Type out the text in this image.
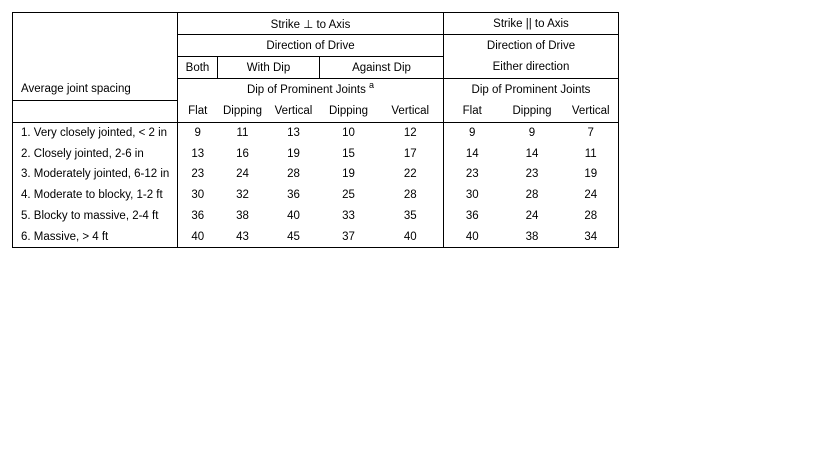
Average joint spacing	Strike ⊥ to Axis					Strike || to Axis		
	Direction of Drive					Direction of Drive		
	Both	With Dip		Against Dip		Either direction		
	Dip of Prominent Joints $^a$					Dip of Prominent Joints		
	Flat	Dipping	Vertical	Dipping	Vertical	Flat	Dipping	Vertical
1. Very closely jointed, < 2 in	9	11	13	10	12	9	9	7
2. Closely jointed, 2-6 in	13	16	19	15	17	14	14	11
3. Moderately jointed, 6-12 in	23	24	28	19	22	23	23	19
4. Moderate to blocky, 1-2 ft	30	32	36	25	28	30	28	24
5. Blocky to massive, 2-4 ft	36	38	40	33	35	36	24	28
6. Massive, > 4 ft	40	43	45	37	40	40	38	34
